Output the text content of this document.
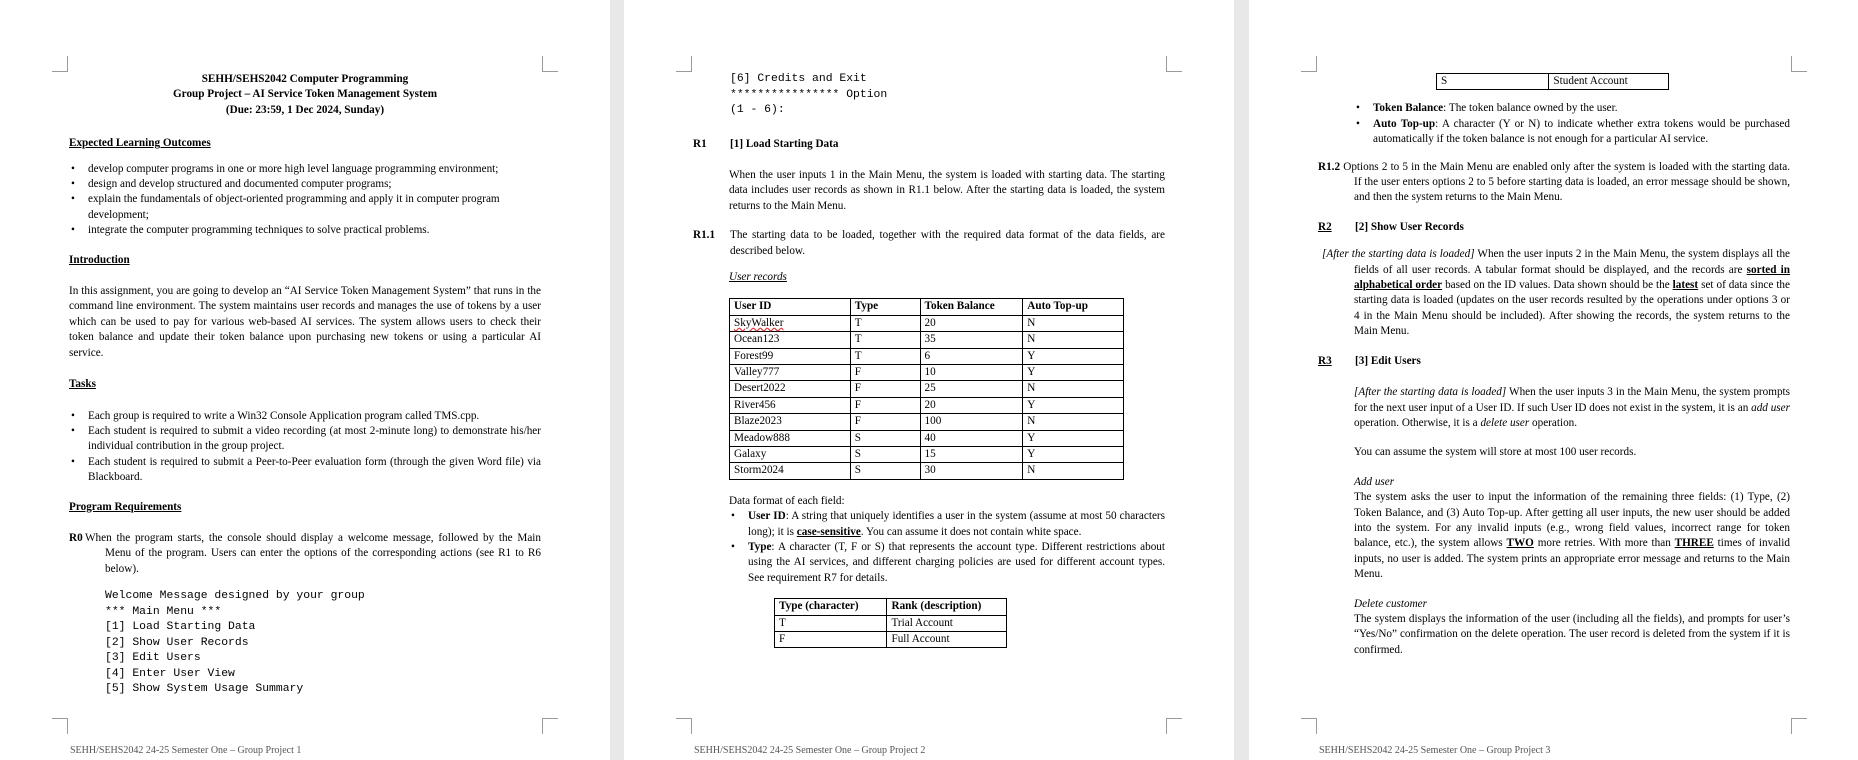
SEHH/SEHS2042 Computer Programming
Group Project – AI Service Token Management System
(Due: 23:59, 1 Dec 2024, Sunday)
Expected Learning Outcomes
• develop computer programs in one or more high level language programming environment;
• design and develop structured and documented computer programs;
• explain the fundamentals of object-oriented programming and apply it in computer program development;
• integrate the computer programming techniques to solve practical problems.
Introduction
In this assignment, you are going to develop an “AI Service Token Management System” that runs in the command line environment. The system maintains user records and manages the use of tokens by a user which can be used to pay for various web-based AI services. The system allows users to check their token balance and update their token balance upon purchasing new tokens or using a particular AI service.
Tasks
• Each group is required to write a Win32 Console Application program called TMS.cpp.
• Each student is required to submit a video recording (at most 2-minute long) to demonstrate his/her individual contribution in the group project.
• Each student is required to submit a Peer-to-Peer evaluation form (through the given Word file) via Blackboard.
Program Requirements
R0 When the program starts, the console should display a welcome message, followed by the Main Menu of the program. Users can enter the options of the corresponding actions (see R1 to R6 below).
Welcome Message designed by your group
*** Main Menu ***
[1] Load Starting Data
[2] Show User Records
[3] Edit Users
[4] Enter User View
[5] Show System Usage Summary
SEHH/SEHS2042 24-25 Semester One – Group Project 1
[6] Credits and Exit
**************** Option
(1 - 6):
R1	[1] Load Starting Data
When the user inputs 1 in the Main Menu, the system is loaded with starting data. The starting data includes user records as shown in R1.1 below. After the starting data is loaded, the system returns to the Main Menu.
R1.1	The starting data to be loaded, together with the required data format of the data fields, are described below.
User records
User ID	Type	Token Balance	Auto Top-up
SkyWalker	T	20	N
Ocean123	T	35	N
Forest99	T	6	Y
Valley777	F	10	Y
Desert2022	F	25	N
River456	F	20	Y
Blaze2023	F	100	N
Meadow888	S	40	Y
Galaxy	S	15	Y
Storm2024	S	30	N
Data format of each field:
• User ID: A string that uniquely identifies a user in the system (assume at most 50 characters long); it is case-sensitive. You can assume it does not contain white space.
• Type: A character (T, F or S) that represents the account type. Different restrictions about using the AI services, and different charging policies are used for different account types. See requirement R7 for details.
Type (character)	Rank (description)
T	Trial Account
F	Full Account
SEHH/SEHS2042 24-25 Semester One – Group Project 2
S	Student Account
• Token Balance: The token balance owned by the user.
• Auto Top-up: A character (Y or N) to indicate whether extra tokens would be purchased automatically if the token balance is not enough for a particular AI service.
R1.2 Options 2 to 5 in the Main Menu are enabled only after the system is loaded with the starting data. If the user enters options 2 to 5 before starting data is loaded, an error message should be shown, and then the system returns to the Main Menu.
R2	[2] Show User Records
[After the starting data is loaded] When the user inputs 2 in the Main Menu, the system displays all the fields of all user records. A tabular format should be displayed, and the records are sorted in alphabetical order based on the ID values. Data shown should be the latest set of data since the starting data is loaded (updates on the user records resulted by the operations under options 3 or 4 in the Main Menu should be included). After showing the records, the system returns to the Main Menu.
R3	[3] Edit Users
[After the starting data is loaded] When the user inputs 3 in the Main Menu, the system prompts for the next user input of a User ID. If such User ID does not exist in the system, it is an add user operation. Otherwise, it is a delete user operation.
You can assume the system will store at most 100 user records.
Add user
The system asks the user to input the information of the remaining three fields: (1) Type, (2) Token Balance, and (3) Auto Top-up. After getting all user inputs, the new user should be added into the system. For any invalid inputs (e.g., wrong field values, incorrect range for token balance, etc.), the system allows TWO more retries. With more than THREE times of invalid inputs, no user is added. The system prints an appropriate error message and returns to the Main Menu.
Delete customer
The system displays the information of the user (including all the fields), and prompts for user’s “Yes/No” confirmation on the delete operation. The user record is deleted from the system if it is confirmed.
SEHH/SEHS2042 24-25 Semester One – Group Project 3
